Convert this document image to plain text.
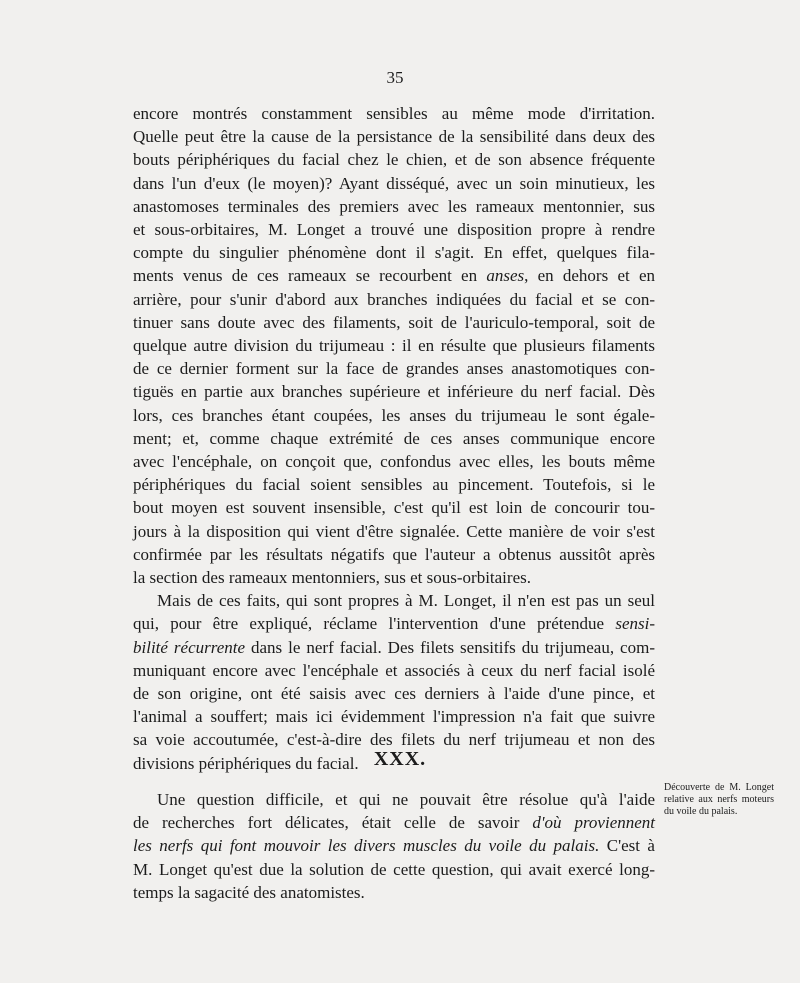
35

encore montrés constamment sensibles au même mode d'irritation.
Quelle peut être la cause de la persistance de la sensibilité dans deux des
bouts périphériques du facial chez le chien, et de son absence fréquente
dans l'un d'eux (le moyen)? Ayant disséqué, avec un soin minutieux, les
anastomoses terminales des premiers avec les rameaux mentonnier, sus
et sous-orbitaires, M. Longet a trouvé une disposition propre à rendre
compte du singulier phénomène dont il s'agit. En effet, quelques fila-
ments venus de ces rameaux se recourbent en anses, en dehors et en
arrière, pour s'unir d'abord aux branches indiquées du facial et se con-
tinuer sans doute avec des filaments, soit de l'auriculo-temporal, soit de
quelque autre division du trijumeau : il en résulte que plusieurs filaments
de ce dernier forment sur la face de grandes anses anastomotiques con-
tiguës en partie aux branches supérieure et inférieure du nerf facial. Dès
lors, ces branches étant coupées, les anses du trijumeau le sont égale-
ment; et, comme chaque extrémité de ces anses communique encore
avec l'encéphale, on conçoit que, confondus avec elles, les bouts même
périphériques du facial soient sensibles au pincement. Toutefois, si le
bout moyen est souvent insensible, c'est qu'il est loin de concourir tou-
jours à la disposition qui vient d'être signalée. Cette manière de voir s'est
confirmée par les résultats négatifs que l'auteur a obtenus aussitôt après
la section des rameaux mentonniers, sus et sous-orbitaires.

Mais de ces faits, qui sont propres à M. Longet, il n'en est pas un seul
qui, pour être expliqué, réclame l'intervention d'une prétendue sensi-
bilité récurrente dans le nerf facial. Des filets sensitifs du trijumeau, com-
muniquant encore avec l'encéphale et associés à ceux du nerf facial isolé
de son origine, ont été saisis avec ces derniers à l'aide d'une pince, et
l'animal a souffert; mais ici évidemment l'impression n'a fait que suivre
sa voie accoutumée, c'est-à-dire des filets du nerf trijumeau et non des
divisions périphériques du facial. XXX.
Une question difficile, et qui ne pouvait être résolue qu'à l'aide
de recherches fort délicates, était celle de savoir d'où proviennent
les nerfs qui font mouvoir les divers muscles du voile du palais. C'est à
M. Longet qu'est due la solution de cette question, qui avait exercé long-
temps la sagacité des anatomistes.
Découverte de M. Longet relative aux nerfs moteurs du voile du palais.
